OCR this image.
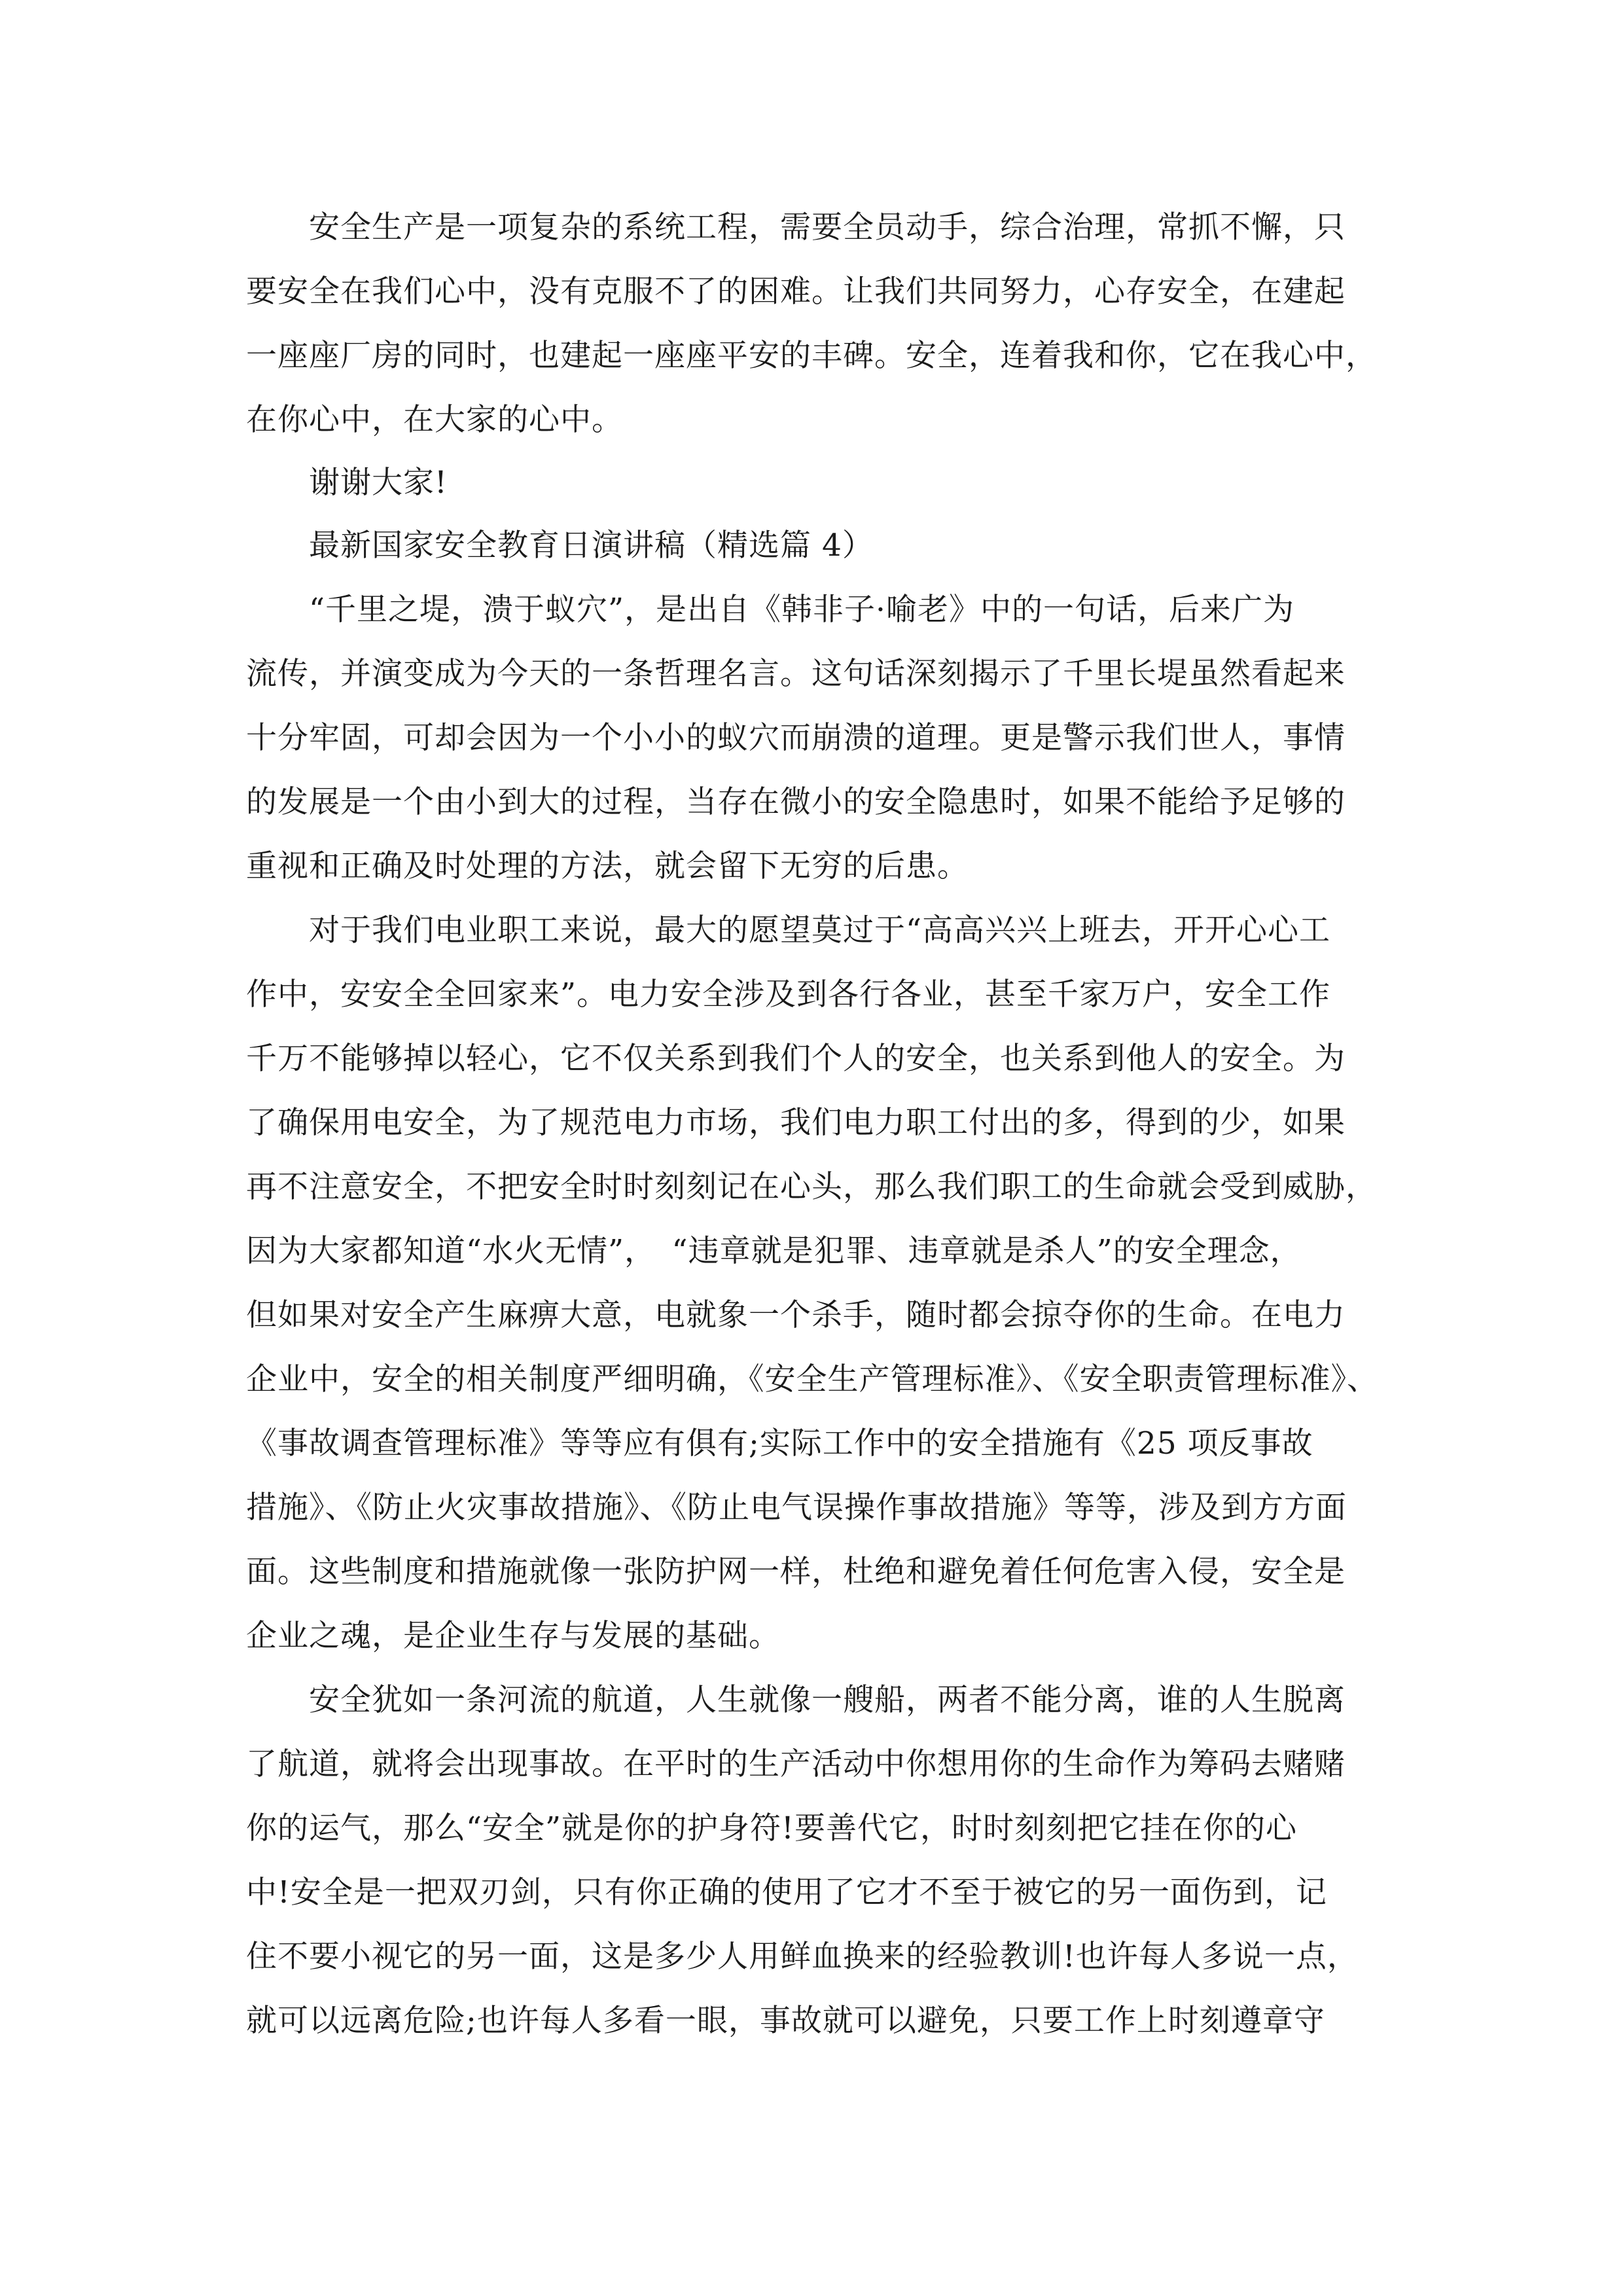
　　安全生产是一项复杂的系统工程，需要全员动手，综合治理，常抓不懈，只
要安全在我们心中，没有克服不了的困难。让我们共同努力，心存安全，在建起
一座座厂房的同时，也建起一座座平安的丰碑。安全，连着我和你，它在我心中，
在你心中，在大家的心中。
　　谢谢大家!
　　最新国家安全教育日演讲稿（精选篇 4）
　　“千里之堤，溃于蚁穴”，是出自《韩非子·喻老》中的一句话，后来广为
流传，并演变成为今天的一条哲理名言。这句话深刻揭示了千里长堤虽然看起来
十分牢固，可却会因为一个小小的蚁穴而崩溃的道理。更是警示我们世人，事情
的发展是一个由小到大的过程，当存在微小的安全隐患时，如果不能给予足够的
重视和正确及时处理的方法，就会留下无穷的后患。
　　对于我们电业职工来说，最大的愿望莫过于“高高兴兴上班去，开开心心工
作中，安安全全回家来”。电力安全涉及到各行各业，甚至千家万户，安全工作
千万不能够掉以轻心，它不仅关系到我们个人的安全，也关系到他人的安全。为
了确保用电安全，为了规范电力市场，我们电力职工付出的多，得到的少，如果
再不注意安全，不把安全时时刻刻记在心头，那么我们职工的生命就会受到威胁，
因为大家都知道“水火无情”，　“违章就是犯罪、违章就是杀人”的安全理念，
但如果对安全产生麻痹大意，电就象一个杀手，随时都会掠夺你的生命。在电力
企业中，安全的相关制度严细明确，《安全生产管理标准》、《安全职责管理标准》、
《事故调查管理标准》等等应有俱有;实际工作中的安全措施有《25 项反事故
措施》、《防止火灾事故措施》、《防止电气误操作事故措施》等等，涉及到方方面
面。这些制度和措施就像一张防护网一样，杜绝和避免着任何危害入侵，安全是
企业之魂，是企业生存与发展的基础。
　　安全犹如一条河流的航道，人生就像一艘船，两者不能分离，谁的人生脱离
了航道，就将会出现事故。在平时的生产活动中你想用你的生命作为筹码去赌赌
你的运气，那么“安全”就是你的护身符!要善代它，时时刻刻把它挂在你的心
中!安全是一把双刃剑，只有你正确的使用了它才不至于被它的另一面伤到，记
住不要小视它的另一面，这是多少人用鲜血换来的经验教训!也许每人多说一点，
就可以远离危险;也许每人多看一眼，事故就可以避免，只要工作上时刻遵章守
